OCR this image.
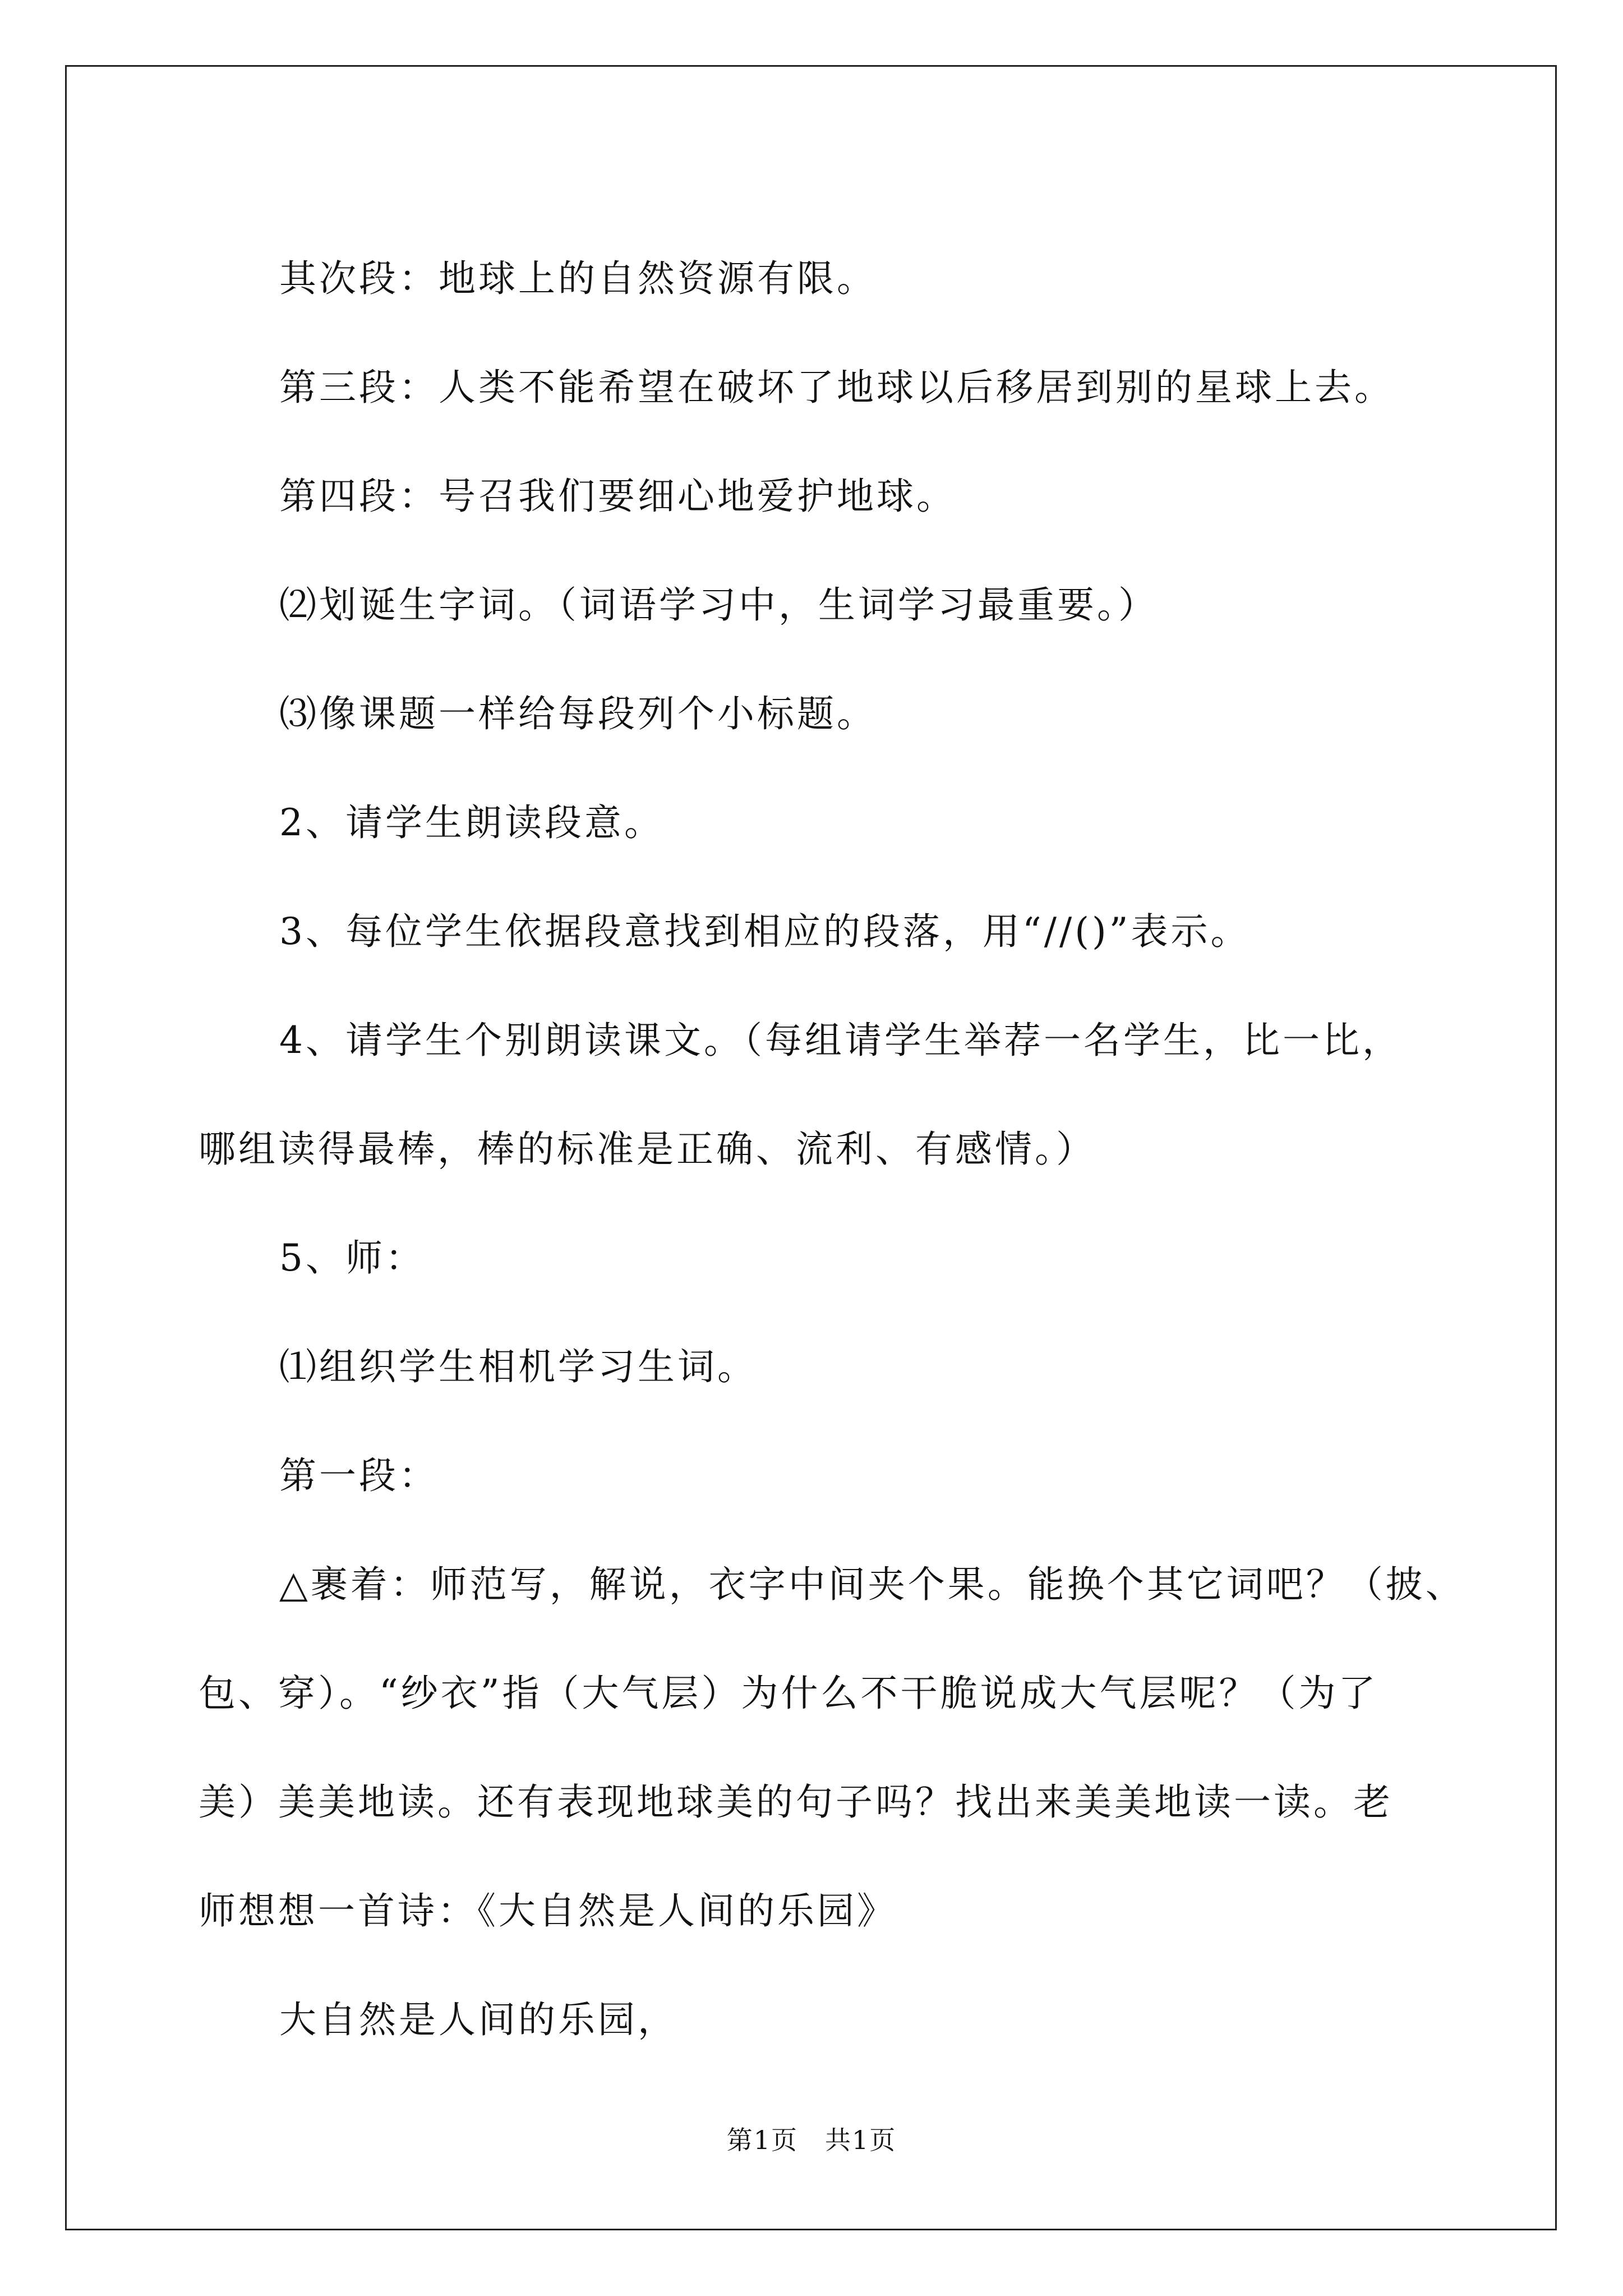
其次段：地球上的自然资源有限。

第三段：人类不能希望在破坏了地球以后移居到别的星球上去。

第四段：号召我们要细心地爱护地球。

⑵划诞生字词。（词语学习中，生词学习最重要。）

⑶像课题一样给每段列个小标题。

2、请学生朗读段意。

3、每位学生依据段意找到相应的段落，用“//()”表示。

4、请学生个别朗读课文。（每组请学生举荐一名学生，比一比，

哪组读得最棒，棒的标准是正确、流利、有感情。）

5、师：

⑴组织学生相机学习生词。

第一段：

△裹着：师范写，解说，衣字中间夹个果。能换个其它词吧？（披、

包、穿）。“纱衣”指（大气层）为什么不干脆说成大气层呢？（为了

美）美美地读。还有表现地球美的句子吗？找出来美美地读一读。老

师想想一首诗：《大自然是人间的乐园》

大自然是人间的乐园，

第1页　共1页
